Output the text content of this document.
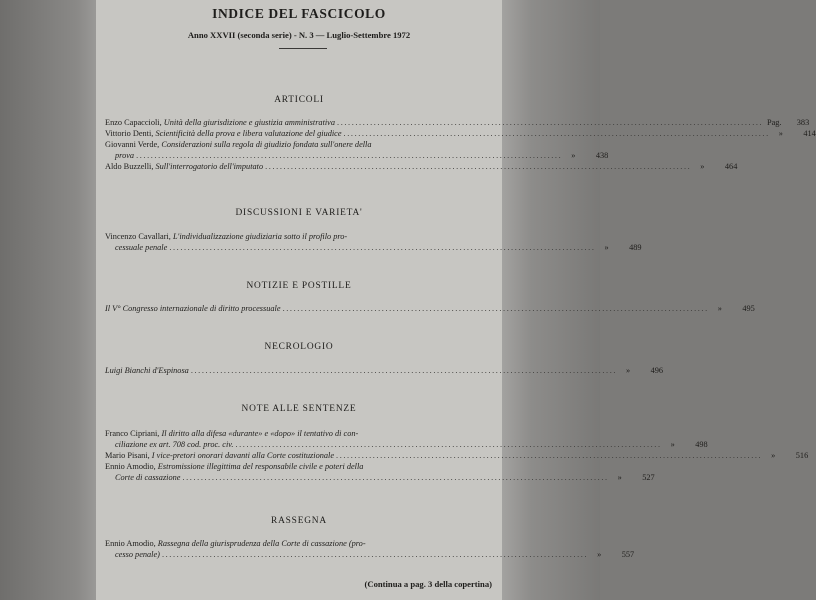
INDICE DEL FASCICOLO
Anno XXVII (seconda serie) - N. 3 — Luglio-Settembre 1972
ARTICOLI
Enzo Capaccioli, Unità della giurisdizione e giustizia amministrativa .................................................................................................................... Pag.	383
Vittorio Denti, Scientificità della prova e libera valutazione del giudice ....................................................................................................................	»	414
Giovanni Verde, Considerazioni sulla regola di giudizio fondata sull'onere della
prova ....................................................................................................................	»	438
Aldo Buzzelli, Sull'interrogatorio dell'imputato ....................................................................................................................	»	464
DISCUSSIONI E VARIETA'
Vincenzo Cavallari, L'individualizzazione giudiziaria sotto il profilo pro-
cessuale penale ....................................................................................................................	»	489
NOTIZIE E POSTILLE
Il V° Congresso internazionale di diritto processuale ....................................................................................................................	»	495
NECROLOGIO
Luigi Bianchi d'Espinosa ....................................................................................................................	»	496
NOTE ALLE SENTENZE
Franco Cipriani, Il diritto alla difesa «durante» e «dopo» il tentativo di con-
ciliazione ex art. 708 cod. proc. civ. ....................................................................................................................	»	498
Mario Pisani, I vice-pretori onorari davanti alla Corte costituzionale ....................................................................................................................	»	516
Ennio Amodio, Estromissione illegittima del responsabile civile e poteri della
Corte di cassazione ....................................................................................................................	»	527
RASSEGNA
Ennio Amodio, Rassegna della giurisprudenza della Corte di cassazione (pro-
cesso penale) ....................................................................................................................	»	557
(Continua a pag. 3 della copertina)
